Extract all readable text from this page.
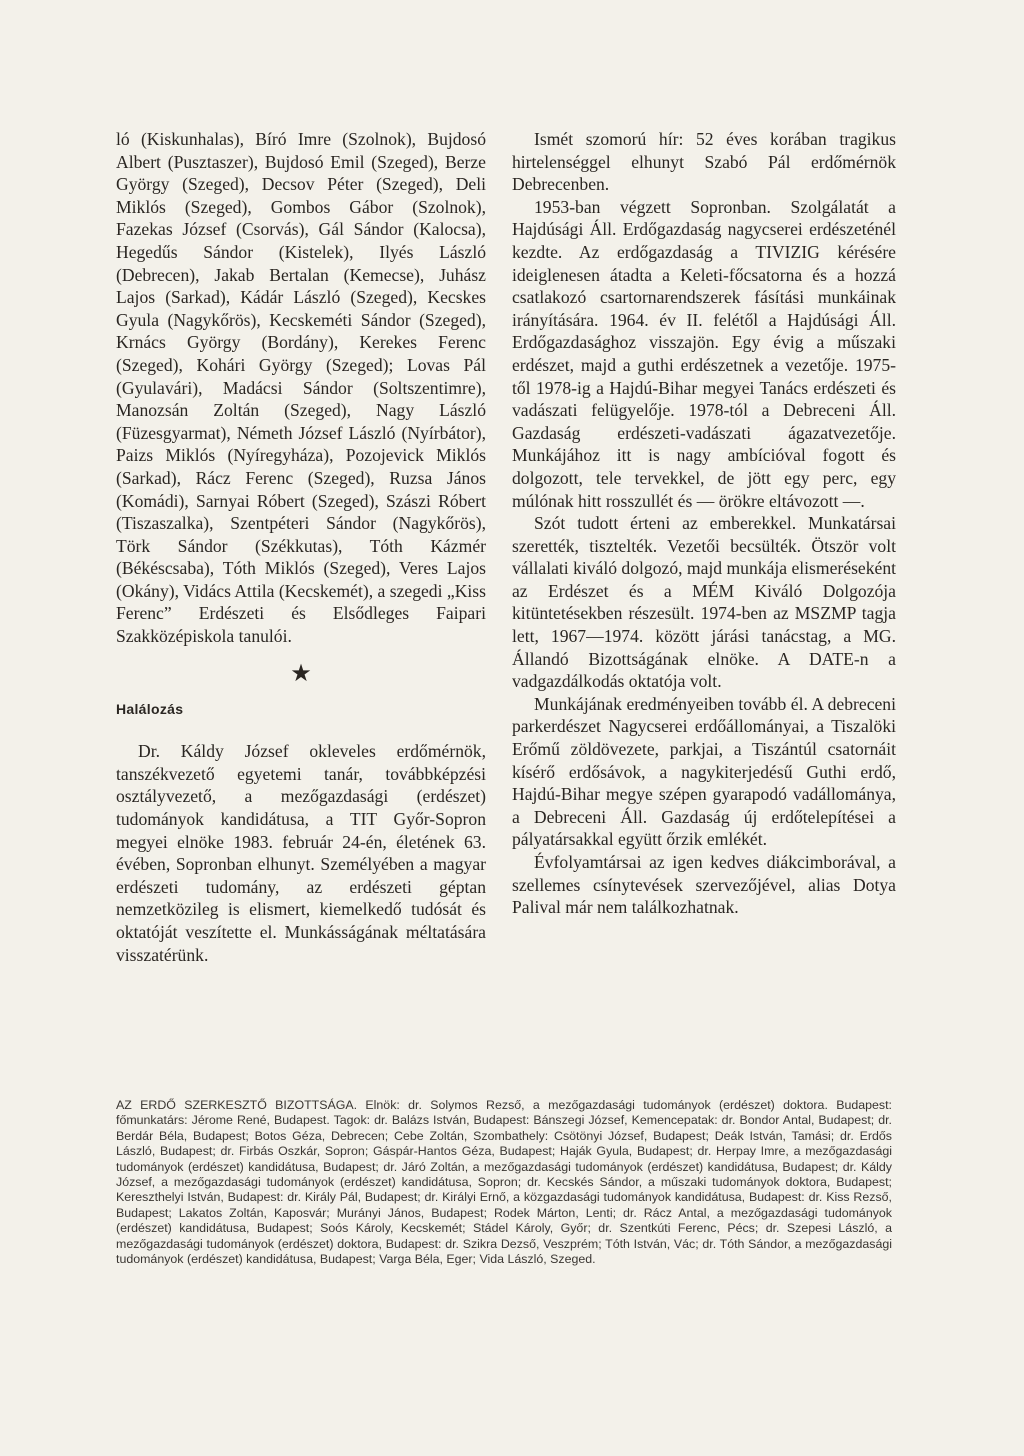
ló (Kiskunhalas), Bíró Imre (Szolnok), Bujdosó Albert (Pusztaszer), Bujdosó Emil (Szeged), Berze György (Szeged), Decsov Péter (Szeged), Deli Miklós (Szeged), Gombos Gábor (Szolnok), Fazekas József (Csorvás), Gál Sándor (Kalocsa), Hegedűs Sándor (Kistelek), Ilyés László (Debrecen), Jakab Bertalan (Kemecse), Juhász Lajos (Sarkad), Kádár László (Szeged), Kecskes Gyula (Nagykőrös), Kecskeméti Sándor (Szeged), Krnács György (Bordány), Kerekes Ferenc (Szeged), Kohári György (Szeged); Lovas Pál (Gyulavári), Madácsi Sándor (Soltszentimre), Manozsán Zoltán (Szeged), Nagy László (Füzesgyarmat), Németh József László (Nyírbátor), Paizs Miklós (Nyíregyháza), Pozojevick Miklós (Sarkad), Rácz Ferenc (Szeged), Ruzsa János (Komádi), Sarnyai Róbert (Szeged), Szászi Róbert (Tiszaszalka), Szentpéteri Sándor (Nagykőrös), Törk Sándor (Székkutas), Tóth Kázmér (Békéscsaba), Tóth Miklós (Szeged), Veres Lajos (Okány), Vidács Attila (Kecskemét), a szegedi „Kiss Ferenc” Erdészeti és Elsődleges Faipari Szakközépiskola tanulói.

★
Halálozás

Dr. Káldy József okleveles erdőmérnök, tanszékvezető egyetemi tanár, továbbképzési osztályvezető, a mezőgazdasági (erdészet) tudományok kandidátusa, a TIT Győr-Sopron megyei elnöke 1983. február 24-én, életének 63. évében, Sopronban elhunyt. Személyében a magyar erdészeti tudomány, az erdészeti géptan nemzetközileg is elismert, kiemelkedő tudósát és oktatóját veszítette el. Munkásságának méltatására visszatérünk.

Ismét szomorú hír: 52 éves korában tragikus hirtelenséggel elhunyt Szabó Pál erdőmérnök Debrecenben.

1953-ban végzett Sopronban. Szolgálatát a Hajdúsági Áll. Erdőgazdaság nagycserei erdészeténél kezdte. Az erdőgazdaság a TIVIZIG kérésére ideiglenesen átadta a Keleti-főcsatorna és a hozzá csatlakozó csartornarendszerek fásítási munkáinak irányítására. 1964. év II. felétől a Hajdúsági Áll. Erdőgazdasághoz visszajön. Egy évig a műszaki erdészet, majd a guthi erdészetnek a vezetője. 1975-től 1978-ig a Hajdú-Bihar megyei Tanács erdészeti és vadászati felügyelője. 1978-tól a Debreceni Áll. Gazdaság erdészeti-vadászati ágazatvezetője. Munkájához itt is nagy ambícióval fogott és dolgozott, tele tervekkel, de jött egy perc, egy múlónak hitt rosszullét és — örökre eltávozott —.

Szót tudott érteni az emberekkel. Munkatársai szerették, tisztelték. Vezetői becsülték. Ötször volt vállalati kiváló dolgozó, majd munkája elismeréseként az Erdészet és a MÉM Kiváló Dolgozója kitüntetésekben részesült. 1974-ben az MSZMP tagja lett, 1967—1974. között járási tanácstag, a MG. Állandó Bizottságának elnöke. A DATE-n a vadgazdálkodás oktatója volt.

Munkájának eredményeiben tovább él. A debreceni parkerdészet Nagycserei erdőállományai, a Tiszalöki Erőmű zöldövezete, parkjai, a Tiszántúl csatornáit kísérő erdősávok, a nagykiterjedésű Guthi erdő, Hajdú-Bihar megye szépen gyarapodó vadállománya, a Debreceni Áll. Gazdaság új erdőtelepítései a pályatársakkal együtt őrzik emlékét.

Évfolyamtársai az igen kedves diákcimborával, a szellemes csínytevések szervezőjével, alias Dotya Palival már nem találkozhatnak.

AZ ERDŐ SZERKESZTŐ BIZOTTSÁGA. Elnök: dr. Solymos Rezső, a mezőgazdasági tudományok (erdészet) doktora. Budapest: főmunkatárs: Jérome René, Budapest. Tagok: dr. Balázs István, Budapest: Bánszegi József, Kemencepatak: dr. Bondor Antal, Budapest; dr. Berdár Béla, Budapest; Botos Géza, Debrecen; Cebe Zoltán, Szombathely: Csötönyi József, Budapest; Deák István, Tamási; dr. Erdős László, Budapest; dr. Firbás Oszkár, Sopron; Gáspár-Hantos Géza, Budapest; Haják Gyula, Budapest; dr. Herpay Imre, a mezőgazdasági tudományok (erdészet) kandidátusa, Budapest; dr. Járó Zoltán, a mezőgazdasági tudományok (erdészet) kandidátusa, Budapest; dr. Káldy József, a mezőgazdasági tudományok (erdészet) kandidátusa, Sopron; dr. Kecskés Sándor, a műszaki tudományok doktora, Budapest; Kereszthelyi István, Budapest: dr. Király Pál, Budapest; dr. Királyi Ernő, a közgazdasági tudományok kandidátusa, Budapest: dr. Kiss Rezső, Budapest; Lakatos Zoltán, Kaposvár; Murányi János, Budapest; Rodek Márton, Lenti; dr. Rácz Antal, a mezőgazdasági tudományok (erdészet) kandidátusa, Budapest; Soós Károly, Kecskemét; Stádel Károly, Győr; dr. Szentkúti Ferenc, Pécs; dr. Szepesi László, a mezőgazdasági tudományok (erdészet) doktora, Budapest: dr. Szikra Dezső, Veszprém; Tóth István, Vác; dr. Tóth Sándor, a mezőgazdasági tudományok (erdészet) kandidátusa, Budapest; Varga Béla, Eger; Vida László, Szeged.
